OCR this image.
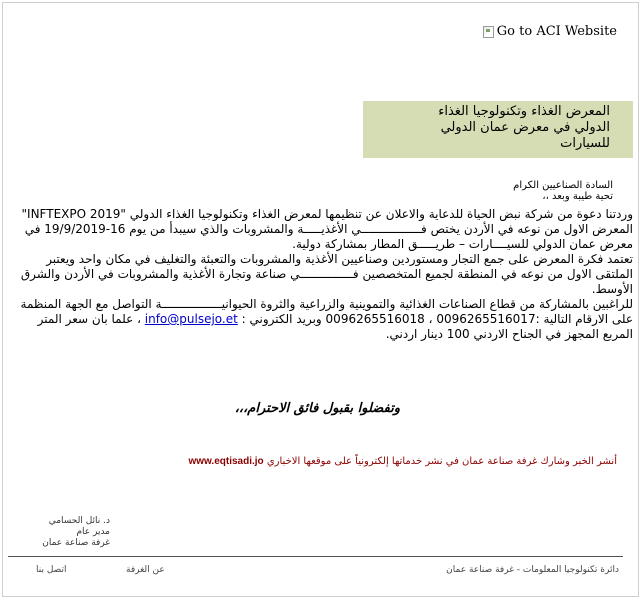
Go to ACI Website
المعرض الغذاء وتكنولوجيا الغذاء
الدولي في معرض عمان الدولي
للسيارات
السادة الصناعيين الكرام
تحية طيبة وبعد ،،

وردتنا دعوة من شركة نبض الحياة للدعاية والاعلان عن تنظيمها لمعرض الغذاء وتكنولوجيا الغذاء الدولي "INFTEXPO 2019" المعرض الاول من نوعه في الأردن يختص فـــــــــــــــــي الأغذيـــــة والمشروبات والذي سيبدأ من يوم 16-19/9/2019 في معرض عمان الدولي للسيــــارات – طريـــــق المطار بمشاركة دولية.

تعتمد فكرة المعرض على جمع التجار ومستوردين وصناعيين الأغذية والمشروبات والتعبئة والتغليف في مكان واحد ويعتبر الملتقى الاول من نوعه في المنطقة لجميع المتخصصين فـــــــــــــــي صناعة وتجارة الأغذية والمشروبات في الأردن والشرق الأوسط.

للراغبين بالمشاركة من قطاع الصناعات الغذائية والتموينية والزراعية والثروة الحيوانيـــــــــــــــــة التواصل مع الجهة المنظمة على الارقام التالية :0096265516017 ، 0096265516018 وبريد الكتروني : info@pulsejo.et ، علما بان سعر المتر المربع المجهز في الجناح الاردني 100 دينار اردني.

وتفضلوا بقبول فائق الاحترام،،،
أنشر الخبر وشارك غرفة صناعة عمان في نشر خدماتها إلكترونياً على موقعها الاخباري www.eqtisadi.jo
د. نائل الحسامي
مدير عام
غرفة صناعة عمان
دائرة تكنولوجيا المعلومات - غرفة صناعة عمان
عن الغرفة
اتصل بنا
